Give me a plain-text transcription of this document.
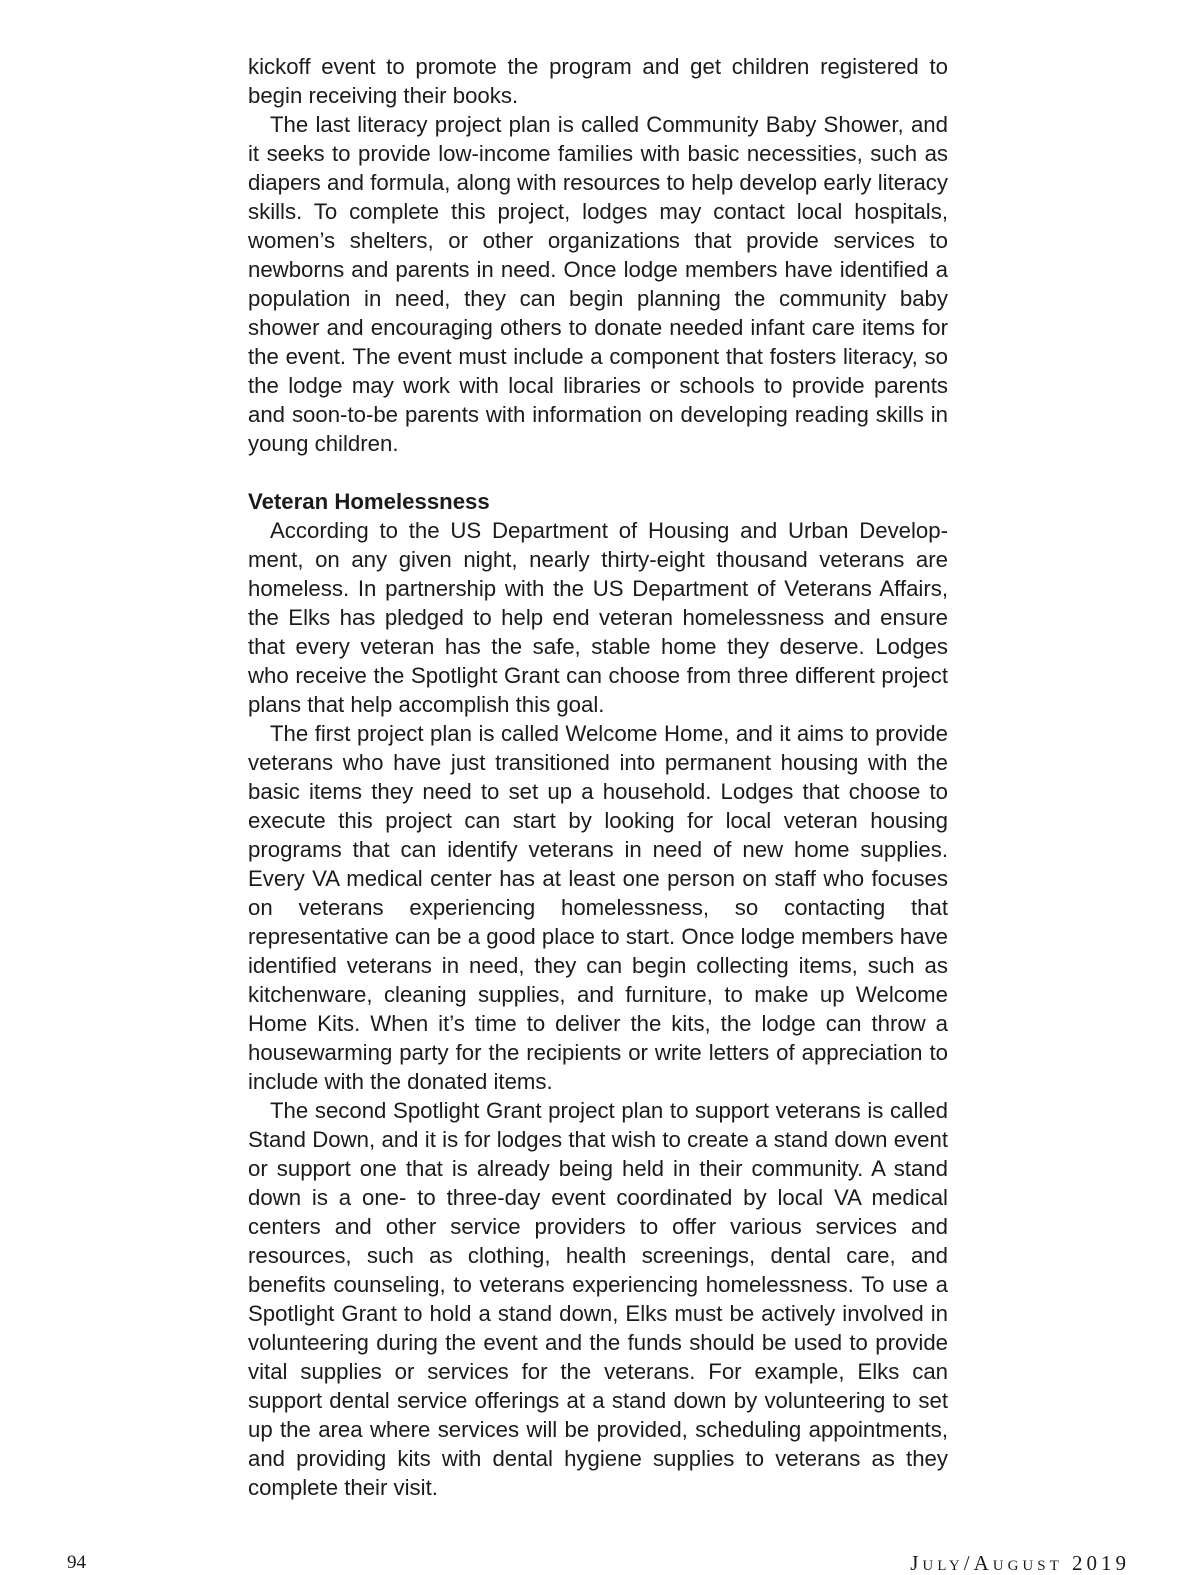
kickoff event to promote the program and get children registered to begin receiving their books.

The last literacy project plan is called Community Baby Shower, and it seeks to provide low-income families with basic necessities, such as diapers and formula, along with resources to help develop early literacy skills. To complete this project, lodges may contact local hospitals, women’s shelters, or other organizations that provide services to newborns and parents in need. Once lodge members have identified a population in need, they can begin planning the community baby shower and encouraging others to donate needed infant care items for the event. The event must include a component that fosters literacy, so the lodge may work with local libraries or schools to provide parents and soon-to-be parents with information on developing reading skills in young children.

Veteran Homelessness

According to the US Department of Housing and Urban Development, on any given night, nearly thirty-eight thousand veterans are homeless. In partnership with the US Department of Veterans Affairs, the Elks has pledged to help end veteran homelessness and ensure that every veteran has the safe, stable home they deserve. Lodges who receive the Spotlight Grant can choose from three different project plans that help accomplish this goal.

The first project plan is called Welcome Home, and it aims to provide veterans who have just transitioned into permanent housing with the basic items they need to set up a household. Lodges that choose to execute this project can start by looking for local veteran housing programs that can identify veterans in need of new home supplies. Every VA medical center has at least one person on staff who focuses on veterans experiencing homelessness, so contacting that representative can be a good place to start. Once lodge members have identified veterans in need, they can begin collecting items, such as kitchenware, cleaning supplies, and furniture, to make up Welcome Home Kits. When it’s time to deliver the kits, the lodge can throw a housewarming party for the recipients or write letters of appreciation to include with the donated items.

The second Spotlight Grant project plan to support veterans is called Stand Down, and it is for lodges that wish to create a stand down event or support one that is already being held in their community. A stand down is a one- to three-day event coordinated by local VA medical centers and other service providers to offer various services and resources, such as clothing, health screenings, dental care, and benefits counseling, to veterans experiencing homelessness. To use a Spotlight Grant to hold a stand down, Elks must be actively involved in volunteering during the event and the funds should be used to provide vital supplies or services for the veterans. For example, Elks can support dental service offerings at a stand down by volunteering to set up the area where services will be provided, scheduling appointments, and providing kits with dental hygiene supplies to veterans as they complete their visit.

94	July/August 2019
